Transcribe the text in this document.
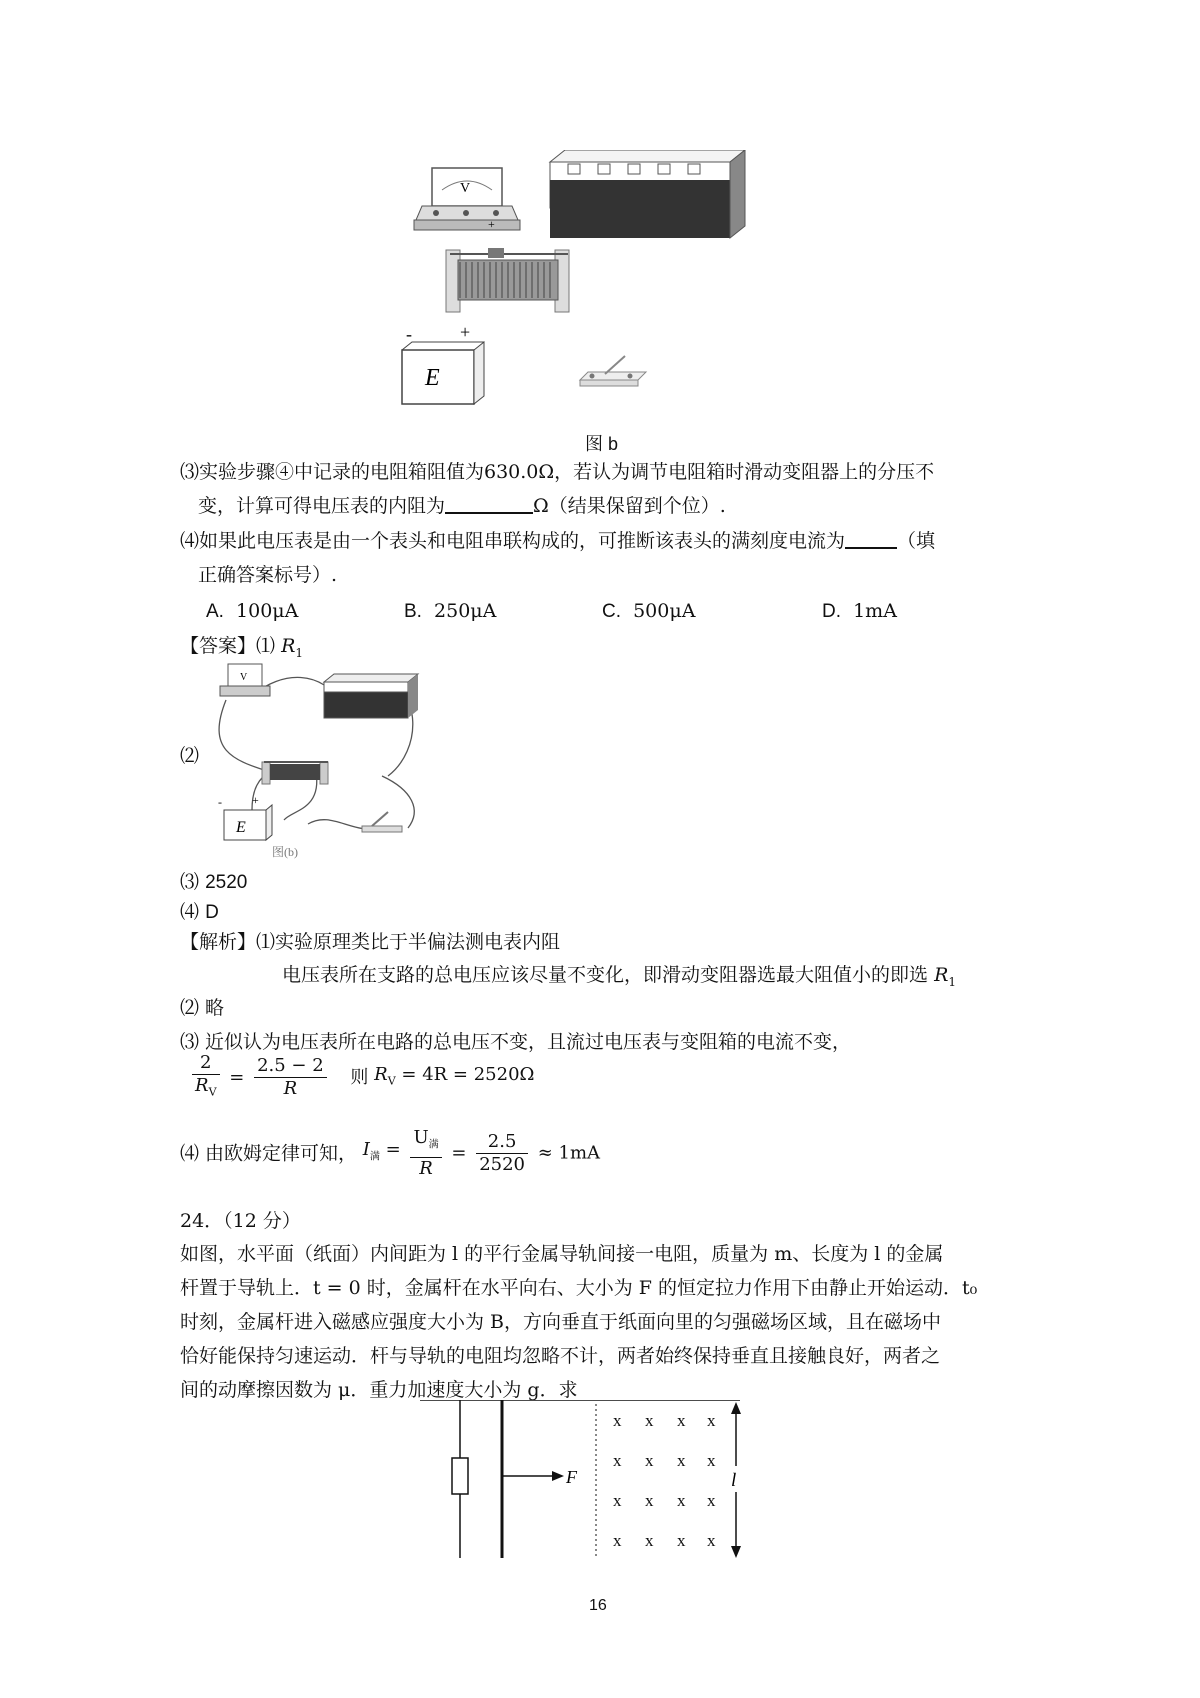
V
+
E
-	+
图 b
⑶实验步骤④中记录的电阻箱阻值为630.0Ω，若认为调节电阻箱时滑动变阻器上的分压不
变，计算可得电压表的内阻为	Ω（结果保留到个位）.
⑷如果此电压表是由一个表头和电阻串联构成的，可推断该表头的满刻度电流为	（填
正确答案标号）.
A. 100μA	B. 250μA	C. 500μA	D. 1mA
【答案】⑴ $R_1$
⑵
V
E
-	+
图(b)
⑶ 2520
⑷ D
【解析】⑴实验原理类比于半偏法测电表内阻
电压表所在支路的总电压应该尽量不变化，即滑动变阻器选最大阻值小的即选 $R_1$
⑵ 略
⑶ 近似认为电压表所在电路的总电压不变，且流过电压表与变阻箱的电流不变，
$\frac{2}{R_V} = \frac{2.5 - 2}{R}$ 则 $R_V = 4R = 2520\Omega$
⑷ 由欧姆定律可知， $I_满 = \frac{U_满}{R} = \frac{2.5}{2520} \approx 1mA$
24．（12 分）
如图，水平面（纸面）内间距为 l 的平行金属导轨间接一电阻，质量为 m、长度为 l 的金属
杆置于导轨上．t = 0 时，金属杆在水平向右、大小为 F 的恒定拉力作用下由静止开始运动．t₀
时刻，金属杆进入磁感应强度大小为 B，方向垂直于纸面向里的匀强磁场区域，且在磁场中
恰好能保持匀速运动．杆与导轨的电阻均忽略不计，两者始终保持垂直且接触良好，两者之
间的动摩擦因数为 μ．重力加速度大小为 g．求
F
x x x x
x x x x
x x x x
x x x x
l
16
